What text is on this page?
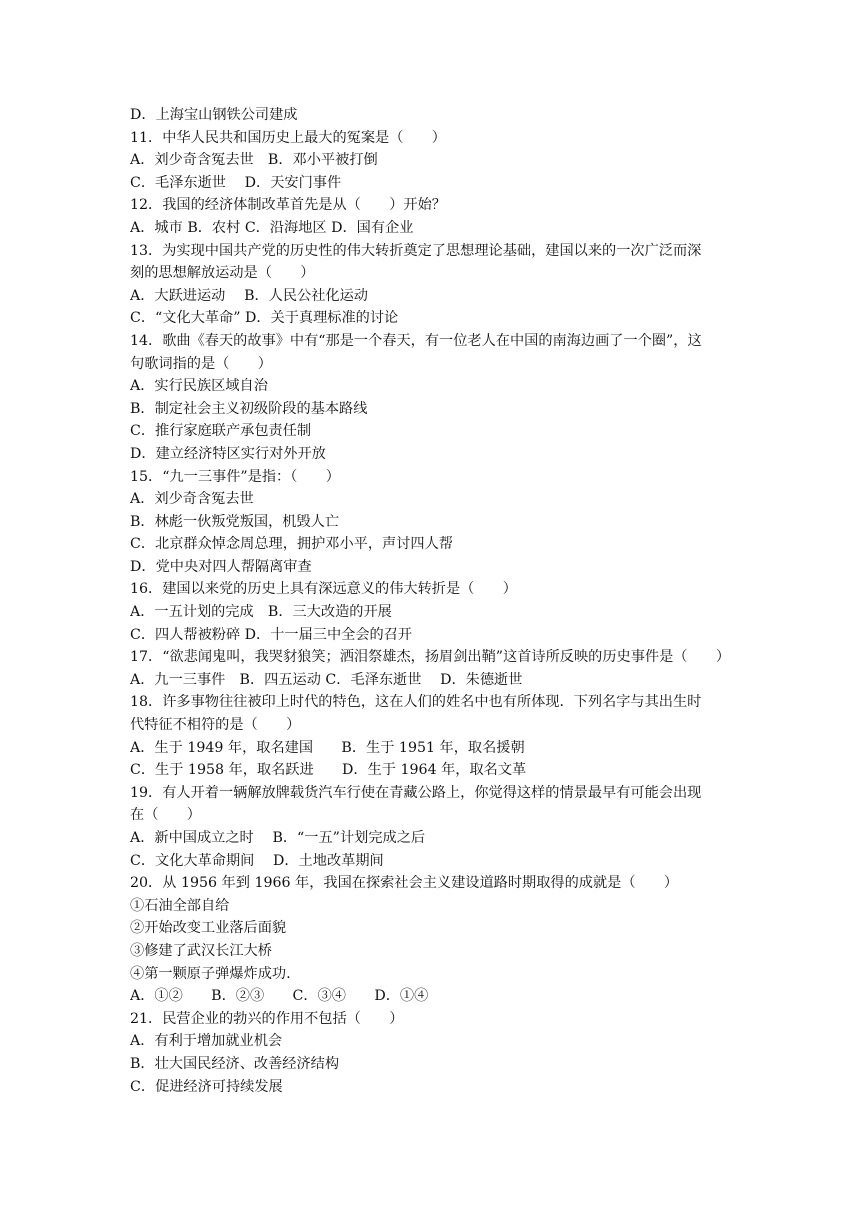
D．上海宝山钢铁公司建成
11．中华人民共和国历史上最大的冤案是（　　）
A．刘少奇含冤去世　B．邓小平被打倒
C．毛泽东逝世　 D．天安门事件
12．我国的经济体制改革首先是从（　　）开始？
A．城市 B．农村 C．沿海地区 D．国有企业
13．为实现中国共产党的历史性的伟大转折奠定了思想理论基础，建国以来的一次广泛而深
刻的思想解放运动是（　　）
A．大跃进运动　 B．人民公社化运动
C．“文化大革命” D．关于真理标准的讨论
14．歌曲《春天的故事》中有“那是一个春天，有一位老人在中国的南海边画了一个圈”，这
句歌词指的是（　　）
A．实行民族区域自治
B．制定社会主义初级阶段的基本路线
C．推行家庭联产承包责任制
D．建立经济特区实行对外开放
15．“九一三事件”是指：（　　）
A．刘少奇含冤去世
B．林彪一伙叛党叛国，机毁人亡
C．北京群众悼念周总理，拥护邓小平，声讨四人帮
D．党中央对四人帮隔离审查
16．建国以来党的历史上具有深远意义的伟大转折是（　　）
A．一五计划的完成　B．三大改造的开展
C．四人帮被粉碎 D．十一届三中全会的召开
17．“欲悲闻鬼叫，我哭豺狼笑；洒泪祭雄杰，扬眉剑出鞘”这首诗所反映的历史事件是（　　）
A．九一三事件　B．四五运动 C．毛泽东逝世　 D．朱德逝世
18．许多事物往往被印上时代的特色，这在人们的姓名中也有所体现．下列名字与其出生时
代特征不相符的是（　　）
A．生于 1949 年，取名建国　　B．生于 1951 年，取名援朝
C．生于 1958 年，取名跃进　　D．生于 1964 年，取名文革
19．有人开着一辆解放牌载货汽车行使在青藏公路上，你觉得这样的情景最早有可能会出现
在（　　）
A．新中国成立之时　 B．“一五”计划完成之后
C．文化大革命期间　 D．土地改革期间
20．从 1956 年到 1966 年，我国在探索社会主义建设道路时期取得的成就是（　　）
①石油全部自给
②开始改变工业落后面貌
③修建了武汉长江大桥
④第一颗原子弹爆炸成功.
A．①②　　B．②③　　C．③④　　D．①④
21．民营企业的勃兴的作用不包括（　　）
A．有利于增加就业机会
B．壮大国民经济、改善经济结构
C．促进经济可持续发展
